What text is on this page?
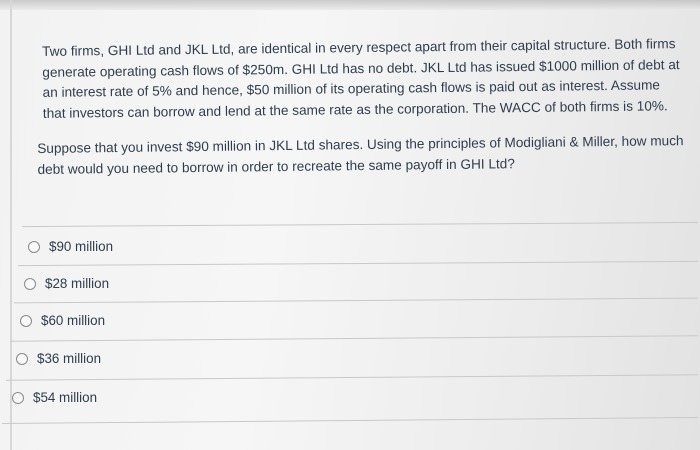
Two firms, GHI Ltd and JKL Ltd, are identical in every respect apart from their capital structure. Both firms generate operating cash flows of $250m. GHI Ltd has no debt. JKL Ltd has issued $1000 million of debt at an interest rate of 5% and hence, $50 million of its operating cash flows is paid out as interest. Assume that investors can borrow and lend at the same rate as the corporation. The WACC of both firms is 10%.

Suppose that you invest $90 million in JKL Ltd shares. Using the principles of Modigliani & Miller, how much debt would you need to borrow in order to recreate the same payoff in GHI Ltd?

$90 million
$28 million
$60 million
$36 million
$54 million
